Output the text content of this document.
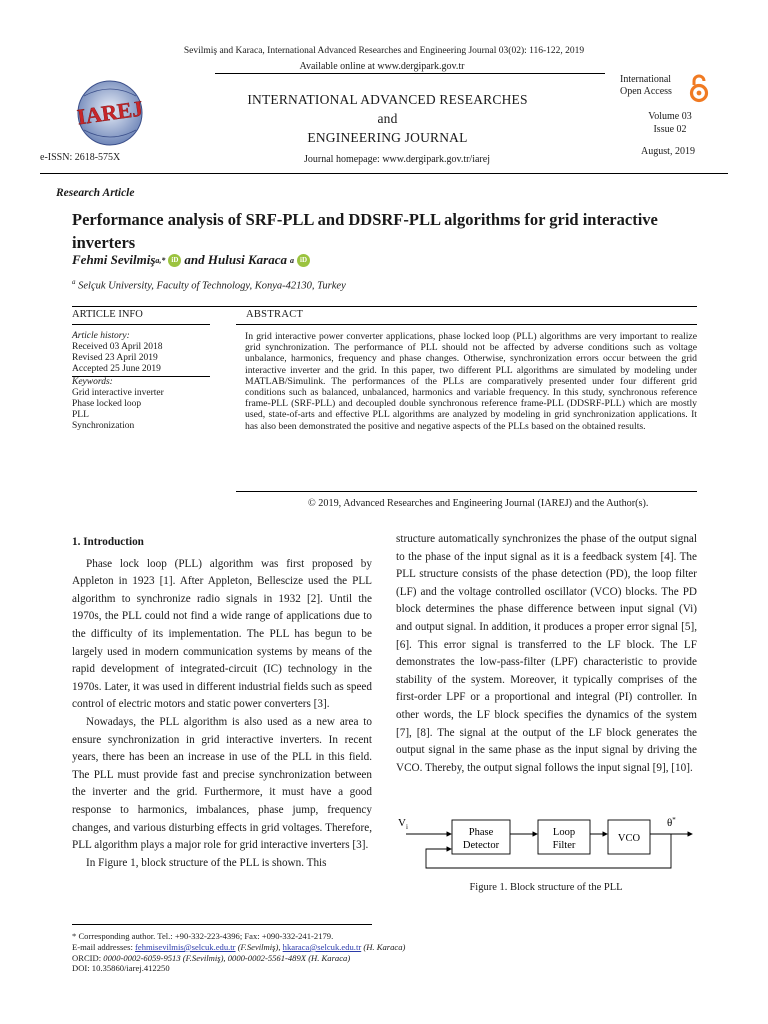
Sevilmiş and Karaca, International Advanced Researches and Engineering Journal 03(02): 116-122, 2019
Available online at www.dergipark.gov.tr
IAREJ
e-ISSN: 2618-575X
INTERNATIONAL ADVANCED RESEARCHES
and
ENGINEERING JOURNAL
Journal homepage: www.dergipark.gov.tr/iarej
International
Open Access
Volume 03
Issue 02
August, 2019
Research Article
Performance analysis of SRF-PLL and DDSRF-PLL algorithms for grid interactive inverters
Fehmi Sevilmiş a,* iD and Hulusi Karaca a iD
$^a$ Selçuk University, Faculty of Technology, Konya-42130, Turkey
ARTICLE INFO	ABSTRACT
Article history:
Received 03 April 2018
Revised 23 April 2019
Accepted 25 June 2019
Keywords:
Grid interactive inverter
Phase locked loop
PLL
Synchronization
In grid interactive power converter applications, phase locked loop (PLL) algorithms are very important to realize grid synchronization. The performance of PLL should not be affected by adverse conditions such as voltage unbalance, harmonics, frequency and phase changes. Otherwise, synchronization errors occur between the grid interactive inverter and the grid. In this paper, two different PLL algorithms are simulated by modeling under MATLAB/Simulink. The performances of the PLLs are comparatively presented under four different grid conditions such as balanced, unbalanced, harmonics and variable frequency. In this study, synchronous reference frame-PLL (SRF-PLL) and decoupled double synchronous reference frame-PLL (DDSRF-PLL) which are mostly used, state-of-arts and effective PLL algorithms are analyzed by modeling in grid synchronization applications. It has also been demonstrated the positive and negative aspects of the PLLs based on the obtained results.
© 2019, Advanced Researches and Engineering Journal (IAREJ) and the Author(s).
1. Introduction

Phase lock loop (PLL) algorithm was first proposed by Appleton in 1923 [1]. After Appleton, Bellescize used the PLL algorithm to synchronize radio signals in 1932 [2]. Until the 1970s, the PLL could not find a wide range of applications due to the difficulty of its implementation. The PLL has begun to be largely used in modern communication systems by means of the rapid development of integrated-circuit (IC) technology in the 1970s. Later, it was used in different industrial fields such as speed control of electric motors and static power converters [3].

Nowadays, the PLL algorithm is also used as a new area to ensure synchronization in grid interactive inverters. In recent years, there has been an increase in use of the PLL in this field. The PLL must provide fast and precise synchronization between the inverter and the grid. Furthermore, it must have a good response to harmonics, imbalances, phase jump, frequency changes, and various disturbing effects in grid voltages. Therefore, PLL algorithm plays a major role for grid interactive inverters [3].

In Figure 1, block structure of the PLL is shown. This

structure automatically synchronizes the phase of the output signal to the phase of the input signal as it is a feedback system [4]. The PLL structure consists of the phase detection (PD), the loop filter (LF) and the voltage controlled oscillator (VCO) blocks. The PD block determines the phase difference between input signal (Vi) and output signal. In addition, it produces a proper error signal [5], [6]. This error signal is transferred to the LF block. The LF demonstrates the low-pass-filter (LPF) characteristic to provide stability of the system. Moreover, it typically comprises of the first-order LPF or a proportional and integral (PI) controller. In other words, the LF block specifies the dynamics of the system [7], [8]. The signal at the output of the LF block generates the output signal in the same phase as the input signal by driving the VCO. Thereby, the output signal follows the input signal [9], [10].

$V_i$	Phase
Detector
Loop
Filter
VCO
θ*
Figure 1. Block structure of the PLL
* Corresponding author. Tel.: +90-332-223-4396; Fax: +090-332-241-2179.
E-mail addresses: fehmisevilmis@selcuk.edu.tr (F.Sevilmiş), hkaraca@selcuk.edu.tr (H. Karaca)
ORCID: 0000-0002-6059-9513 (F.Sevilmiş), 0000-0002-5561-489X (H. Karaca)
DOI: 10.35860/iarej.412250
